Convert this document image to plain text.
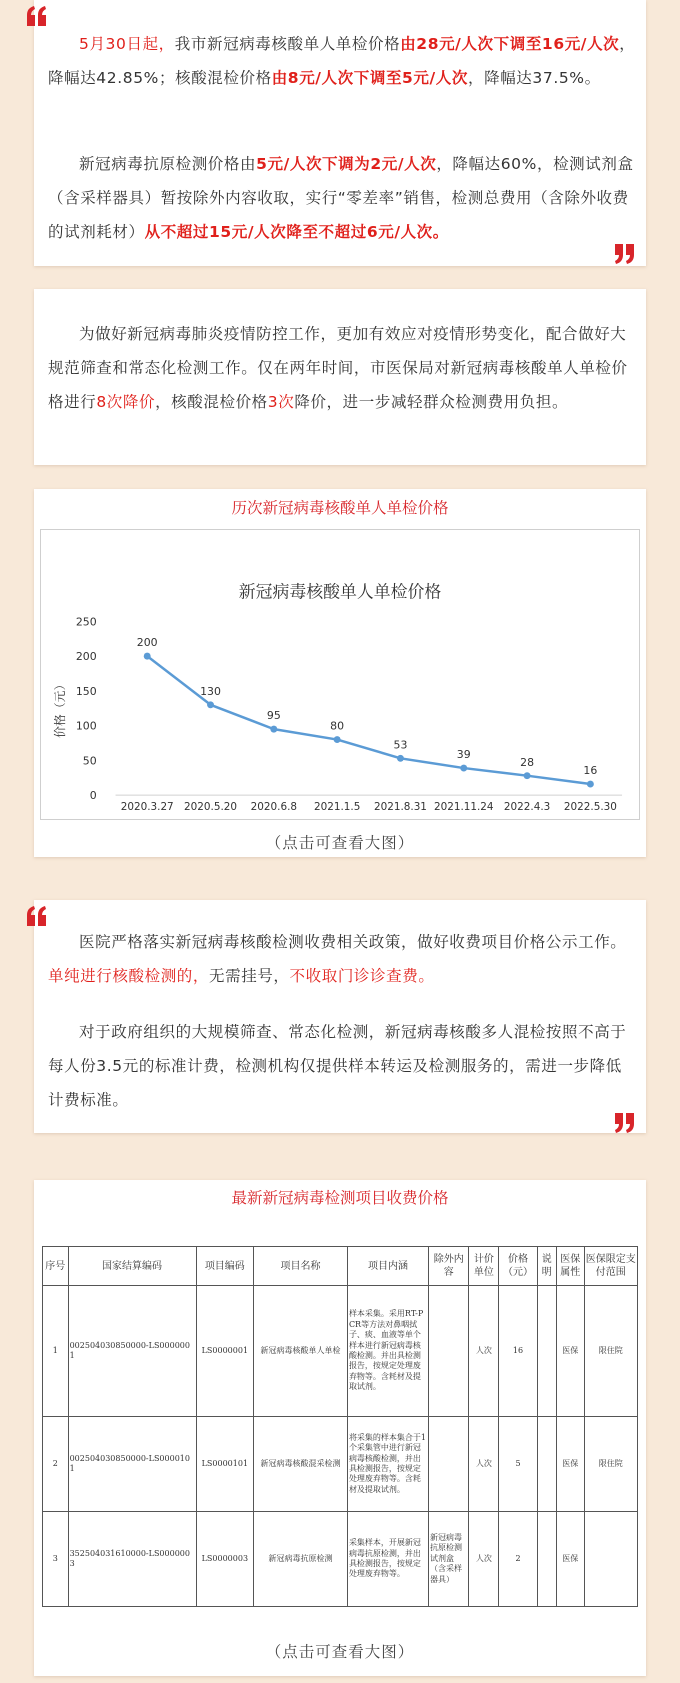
5月30日起，我市新冠病毒核酸单人单检价格由28元/人次下调至16元/人次，降幅达42.85%；核酸混检价格由8元/人次下调至5元/人次，降幅达37.5%。

新冠病毒抗原检测价格由5元/人次下调为2元/人次，降幅达60%，检测试剂盒（含采样器具）暂按除外内容收取，实行“零差率”销售，检测总费用（含除外收费的试剂耗材）从不超过15元/人次降至不超过6元/人次。

为做好新冠病毒肺炎疫情防控工作，更加有效应对疫情形势变化，配合做好大规范筛查和常态化检测工作。仅在两年时间，市医保局对新冠病毒核酸单人单检价格进行8次降价，核酸混检价格3次降价，进一步减轻群众检测费用负担。

历次新冠病毒核酸单人单检价格
新冠病毒核酸单人单检价格
0
50
100
150
200
250
价格（元）
2020.3.27 2020.5.20 2020.6.8 2021.1.5 2021.8.31 2021.11.24 2022.4.3 2022.5.30
200
130
95
80
53
39
28
16
（点击可查看大图）

医院严格落实新冠病毒核酸检测收费相关政策，做好收费项目价格公示工作。单纯进行核酸检测的，无需挂号，不收取门诊诊查费。

对于政府组织的大规模筛查、常态化检测，新冠病毒核酸多人混检按照不高于每人份3.5元的标准计费，检测机构仅提供样本转运及检测服务的，需进一步降低计费标准。

最新新冠病毒检测项目收费价格
序号	国家结算编码	项目编码	项目名称	项目内涵	除外内容	计价单位	价格（元）	说明	医保属性	医保限定支付范围
1	002504030850000-LS0000001	LS0000001	新冠病毒核酸单人单检	样本采集。采用RT-PCR等方法对鼻咽拭子、痰、血液等单个样本进行新冠病毒核酸检测。并出具检测报告，按规定处理废弃物等。含耗材及提取试剂。		人次	16		医保	限住院
2	002504030850000-LS0000101	LS0000101	新冠病毒核酸混采检测	将采集的样本集合于1个采集管中进行新冠病毒核酸检测，并出具检测报告，按规定处理废弃物等。含耗材及提取试剂。		人次	5		医保	限住院
3	352504031610000-LS0000003	LS0000003	新冠病毒抗原检测	采集样本，开展新冠病毒抗原检测，并出具检测报告，按规定处理废弃物等。	新冠病毒抗原检测试剂盒（含采样器具）	人次	2		医保	
（点击可查看大图）
